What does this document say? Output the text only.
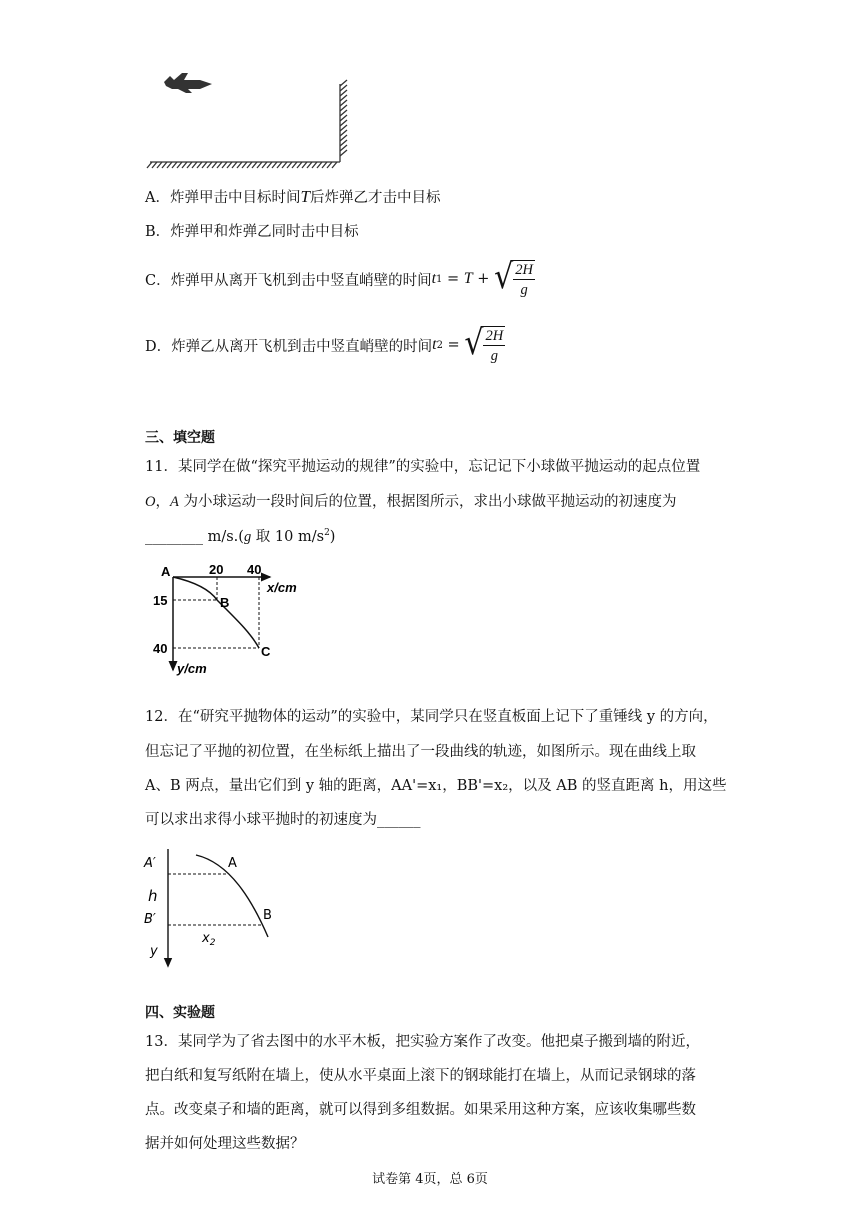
A．炸弹甲击中目标时间T后炸弹乙才击中目标
B．炸弹甲和炸弹乙同时击中目标
C．炸弹甲从离开飞机到击中竖直峭壁的时间 t 1 = T + √ $\frac{2H}{g}$
D．炸弹乙从离开飞机到击中竖直峭壁的时间 t 2 = √ $\frac{2H}{g}$
三、填空题
11．某同学在做“探究平抛运动的规律”的实验中，忘记记下小球做平抛运动的起点位置
O，A 为小球运动一段时间后的位置，根据图所示，求出小球做平抛运动的初速度为
________ m/s.(g 取 10 $m/s^2$)
A
B
C
20 40
x/cm
15
40
y/cm
12．在“研究平抛物体的运动”的实验中，某同学只在竖直板面上记下了重锤线 y 的方向，
但忘记了平抛的初位置，在坐标纸上描出了一段曲线的轨迹，如图所示。现在曲线上取
A、B 两点，量出它们到 y 轴的距离，AA'=x₁，BB'=x₂，以及 AB 的竖直距离 h，用这些
可以求出求得小球平抛时的初速度为______
A′	A
h
B′	B
$x_2$
y
四、实验题
13．某同学为了省去图中的水平木板，把实验方案作了改变。他把桌子搬到墙的附近，
把白纸和复写纸附在墙上，使从水平桌面上滚下的钢球能打在墙上，从而记录钢球的落
点。改变桌子和墙的距离，就可以得到多组数据。如果采用这种方案，应该收集哪些数
据并如何处理这些数据？
试卷第 4页，总 6页
